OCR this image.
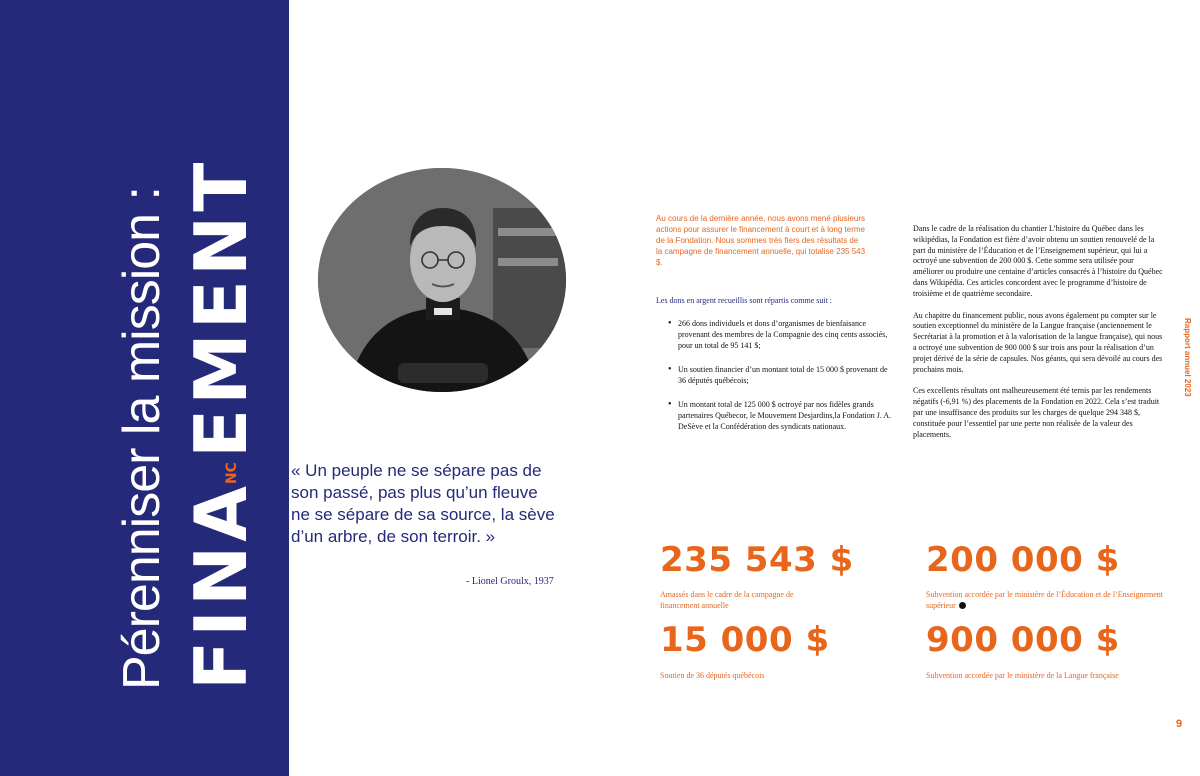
Pérenniser la mission : FINANCEMENT
« Un peuple ne se sépare pas de son passé, pas plus qu’un fleuve ne se sépare de sa source, la sève d’un arbre, de son terroir. »
- Lionel Groulx, 1937
Au cours de la dernière année, nous avons mené plusieurs actions pour assurer le financement à court et à long terme de la Fondation. Nous sommes très fiers des résultats de la campagne de financement annuelle, qui totalise 235 543 $.
Les dons en argent recueillis sont répartis comme suit :
• 266 dons individuels et dons d’organismes de bienfaisance provenant des membres de la Compagnie des cinq cents associés, pour un total de 95 141 $;
• Un soutien financier d’un montant total de 15 000 $ provenant de 36 députés québécois;
• Un montant total de 125 000 $ octroyé par nos fidèles grands partenaires Québecor, le Mouvement Desjardins,la Fondation J. A. DeSève et la Confédération des syndicats nationaux.

Dans le cadre de la réalisation du chantier L’histoire du Québec dans les wikipédias, la Fondation est fière d’avoir obtenu un soutien renouvelé de la part du ministère de l’Éducation et de l’Enseignement supérieur, qui lui a octroyé une subvention de 200 000 $. Cette somme sera utilisée pour améliorer ou produire une centaine d’articles consacrés à l’histoire du Québec dans Wikipédia. Ces articles concordent avec le programme d’histoire de troisième et de quatrième secondaire.

Au chapitre du financement public, nous avons également pu compter sur le soutien exceptionnel du ministère de la Langue française (anciennement le Secrétariat à la promotion et à la valorisation de la langue française), qui nous a octroyé une subvention de 900 000 $ sur trois ans pour la réalisation d’un projet dérivé de la série de capsules. Nos géants, qui sera dévoilé au cours des prochains mois.

Ces excellents résultats ont malheureusement été ternis par les rendements négatifs (-6,91 %) des placements de la Fondation en 2022. Cela s’est traduit par une insuffisance des produits sur les charges de quelque 294 348 $, constituée pour l’essentiel par une perte non réalisée de la valeur des placements.

Rapport annuel 2023
235 543 $
Amassés dans le cadre de la campagne de financement annuelle
200 000 $
Subvention accordée par le ministère de l’Éducation et de l’Enseignement supérieur
15 000 $
Soutien de 36 députés québécois
900 000 $
Subvention accordée par le ministère de la Langue française
9
